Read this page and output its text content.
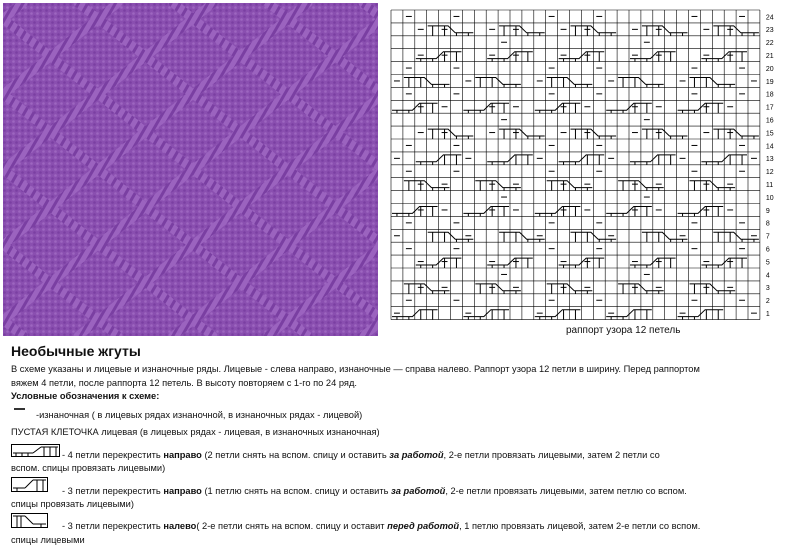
1
2
3
4
5
6
7
8
9
10
11
12
13
14
15
16
17
18
19
20
21
22
23
24
раппорт узора 12 петель
Необычные жгуты
В схеме указаны и лицевые и изнаночные ряды. Лицевые - слева направо, изнаночные — справа налево. Раппорт узора 12 петли в ширину. Перед раппортом
вяжем 4 петли, после раппорта 12 петель. В высоту повторяем с 1-го по 24 ряд.
Условные обозначения к схеме:
-изнаночная ( в лицевых рядах изнаночной, в изнаночных рядах - лицевой)
ПУСТАЯ КЛЕТОЧКА лицевая (в лицевых рядах - лицевая, в изнаночных изнаночная)
- 4 петли перекрестить направо (2 петли снять на вспом. спицу и оставить за работой, 2-е петли провязать лицевыми, затем 2 петли со
вспом. спицы провязать лицевыми)
- 3 петли перекрестить направо (1 петлю снять на вспом. спицу и оставить за работой, 2-е петли провязать лицевыми, затем петлю со вспом.
спицы провязать лицевыми)
- 3 петли перекрестить налево( 2-е петли снять на вспом. спицу и оставит перед работой, 1 петлю провязать лицевой, затем 2-е петли со вспом.
спицы лицевыми
